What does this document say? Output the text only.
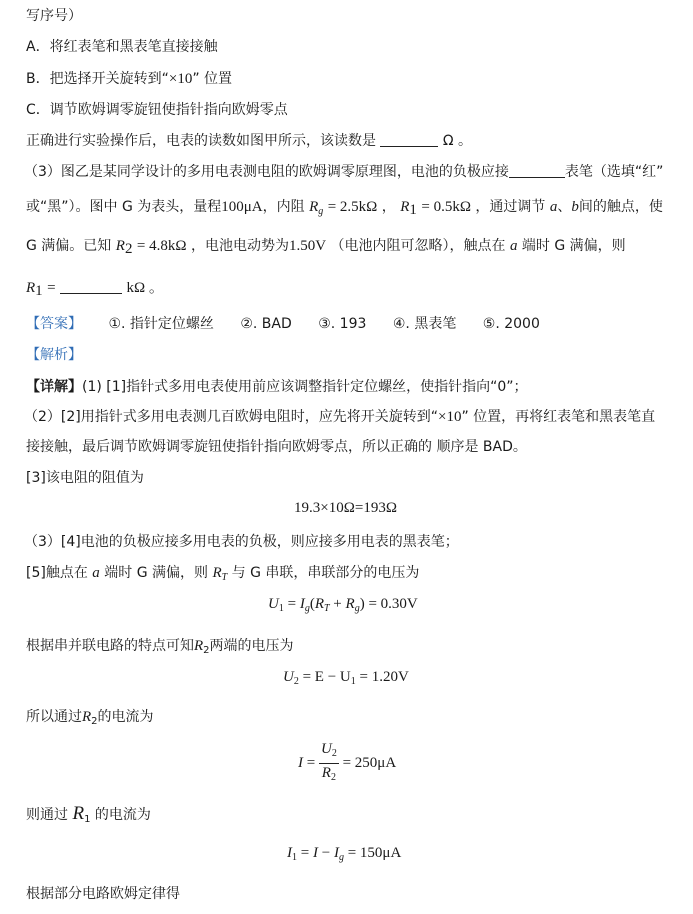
写序号）
A．将红表笔和黑表笔直接接触
B．把选择开关旋转到“×10” 位置
C．调节欧姆调零旋钮使指针指向欧姆零点
正确进行实验操作后，电表的读数如图甲所示，该读数是	Ω 。
（3）图乙是某同学设计的多用电表测电阻的欧姆调零原理图，电池的负极应接	表笔（选填“红”
或“黑”）。图中 G 为表头，量程100μA，内阻 $R_g = 2.5k\Omega$ ， R1 = 0.5kΩ ，通过调节 a、b间的触点，使
G 满偏。已知 R2 = 4.8kΩ ，电池电动势为1.50V （电池内阻可忽略），触点在 a 端时 G 满偏，则
R1 =	kΩ 。
【答案】 ①. 指针定位螺丝 ②. BAD ③. 193 ④. 黑表笔 ⑤. 2000
【解析】
【详解】(1) [1]指针式多用电表使用前应该调整指针定位螺丝，使指针指向“0”；
（2）[2]用指针式多用电表测几百欧姆电阻时，应先将开关旋转到“×10” 位置，再将红表笔和黑表笔直
接接触，最后调节欧姆调零旋钮使指针指向欧姆零点，所以正确的 顺序是 BAD。
[3]该电阻的阻值为
19.3×10Ω=193Ω
（3）[4]电池的负极应接多用电表的负极，则应接多用电表的黑表笔；
[5]触点在 a 端时 G 满偏，则 $R_T$ 与 G 串联，串联部分的电压为
$U_1 = I_g(R_T + R_g) = 0.30V$
根据串并联电路的特点可知$R_2$两端的电压为
$U_2 = E - U_1 = 1.20V$
所以通过$R_2$的电流为
$I = \frac{U_2}{R_2} = 250\mu A$
则通过 $R_1$ 的电流为
$I_1 = I - I_g = 150\mu A$
根据部分电路欧姆定律得
